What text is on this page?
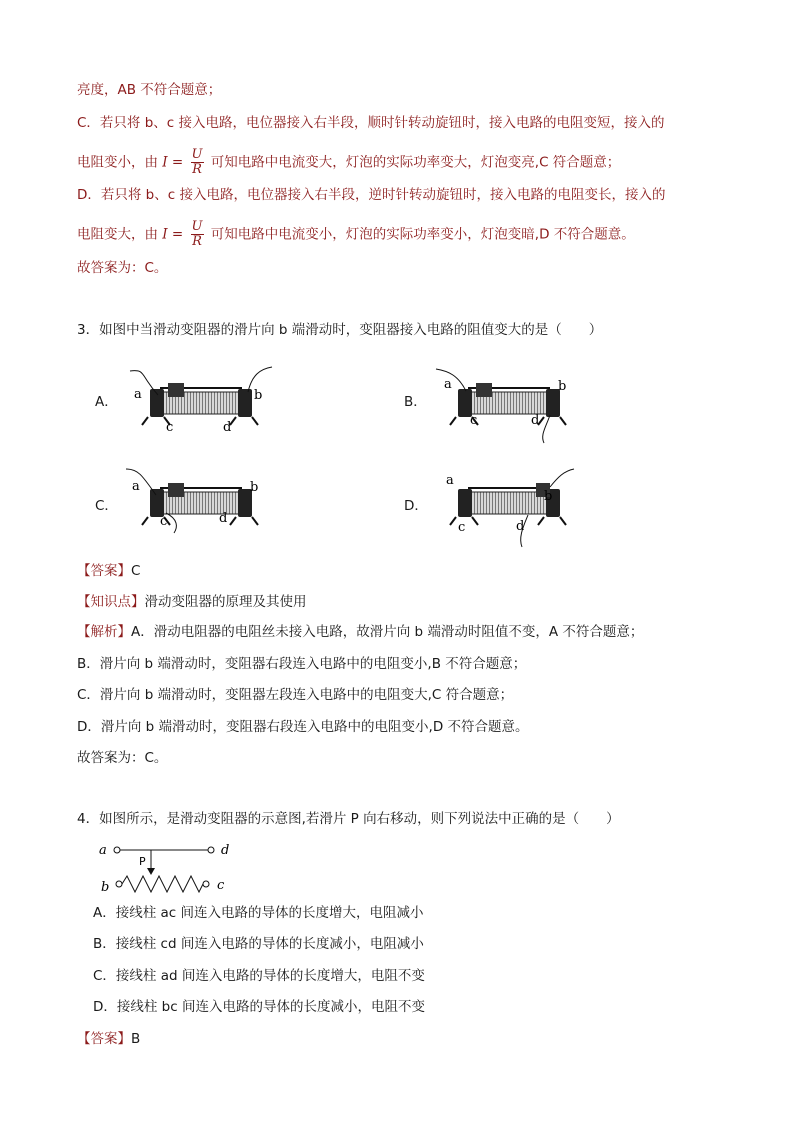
亮度，AB 不符合题意；
C．若只将 b、c 接入电路，电位器接入右半段，顺时针转动旋钮时，接入电路的电阻变短，接入的
电阻变小，由 $I = \frac{U}{R}$ 可知电路中电流变大，灯泡的实际功率变大，灯泡变亮,C 符合题意；
D．若只将 b、c 接入电路，电位器接入右半段，逆时针转动旋钮时，接入电路的电阻变长，接入的
电阻变大，由 $I = \frac{U}{R}$ 可知电路中电流变小，灯泡的实际功率变小，灯泡变暗,D 不符合题意。
故答案为：C。
3．如图中当滑动变阻器的滑片向 b 端滑动时，变阻器接入电路的阻值变大的是（　　）
A．	B．
C．	D．
a	b
c	d
a	b
c	d
a	b
c	d
a
b
c	d
【答案】C
【知识点】滑动变阻器的原理及其使用
【解析】A．滑动电阻器的电阻丝未接入电路，故滑片向 b 端滑动时阻值不变，A 不符合题意；
B．滑片向 b 端滑动时，变阻器右段连入电路中的电阻变小,B 不符合题意；
C．滑片向 b 端滑动时，变阻器左段连入电路中的电阻变大,C 符合题意；
D．滑片向 b 端滑动时，变阻器右段连入电路中的电阻变小,D 不符合题意。
故答案为：C。
4．如图所示，是滑动变阻器的示意图,若滑片 P 向右移动，则下列说法中正确的是（　　）
a	d
P
b	c
A．接线柱 ac 间连入电路的导体的长度增大，电阻减小
B．接线柱 cd 间连入电路的导体的长度减小，电阻减小
C．接线柱 ad 间连入电路的导体的长度增大，电阻不变
D．接线柱 bc 间连入电路的导体的长度减小，电阻不变
【答案】B
